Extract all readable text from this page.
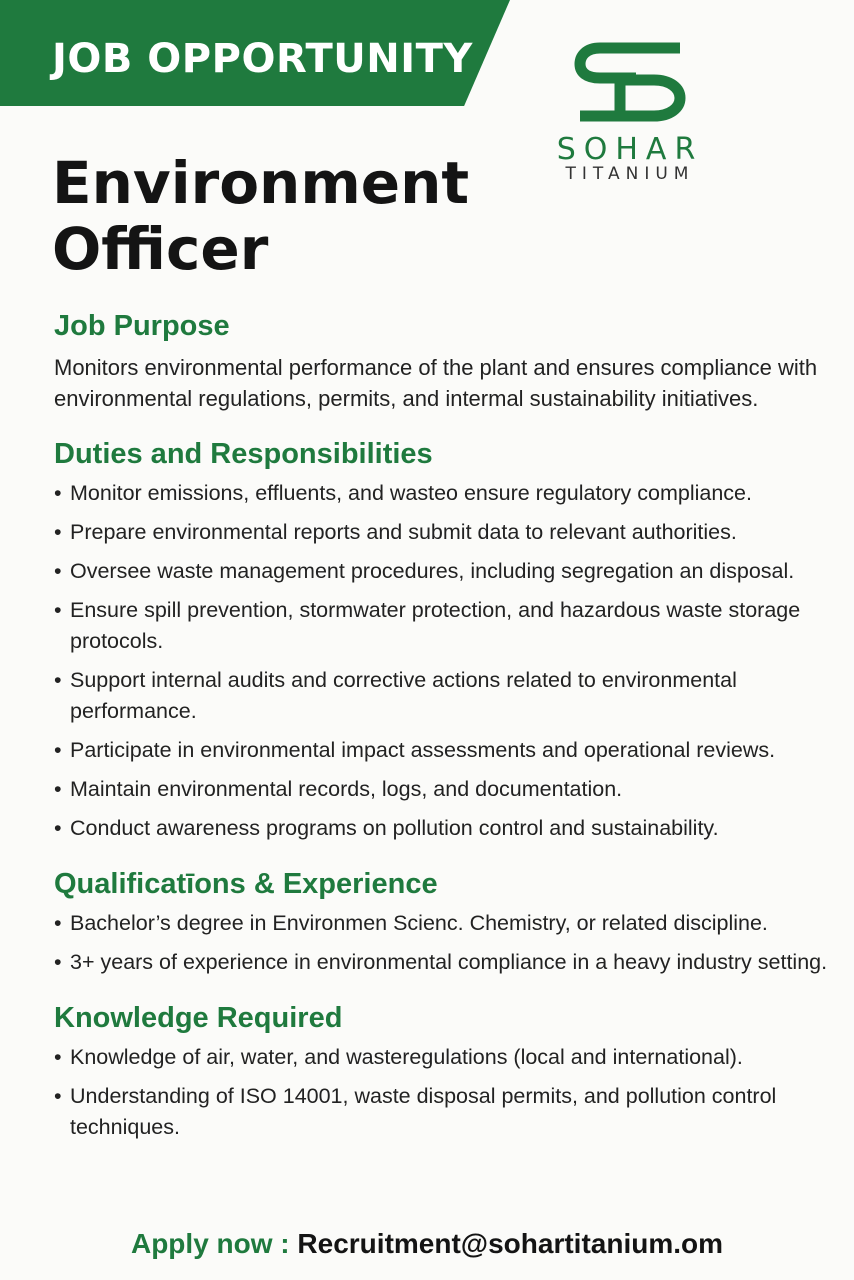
JOB OPPORTUNITY
SOHAR
TITANIUM
Environment
Officer
Job Purpose

Monitors environmental performance of the plant and ensures compliance with environmental regulations, permits, and intermal sustainability initiatives.

Duties and Responsibilities
• Monitor emissions, effluents, and wasteo ensure regulatory compliance.
• Prepare environmental reports and submit data to relevant authorities.
• Oversee waste management procedures, including segregation an disposal.
• Ensure spill prevention, stormwater protection, and hazardous waste storage protocols.
• Support internal audits and corrective actions related to environmental performance.
• Participate in environmental impact assessments and operational reviews.
• Maintain environmental records, logs, and documentation.
• Conduct awareness programs on pollution control and sustainability.
Qualificatīons & Experience
• Bachelor’s degree in Environmen Scienc. Chemistry, or related discipline.
• 3+ years of experience in environmental compliance in a heavy industry setting.
Knowledge Required
• Knowledge of air, water, and wasteregulations (local and international).
• Understanding of ISO 14001, waste disposal permits, and pollution control techniques.
Apply now : Recruitment@sohartitanium.om
